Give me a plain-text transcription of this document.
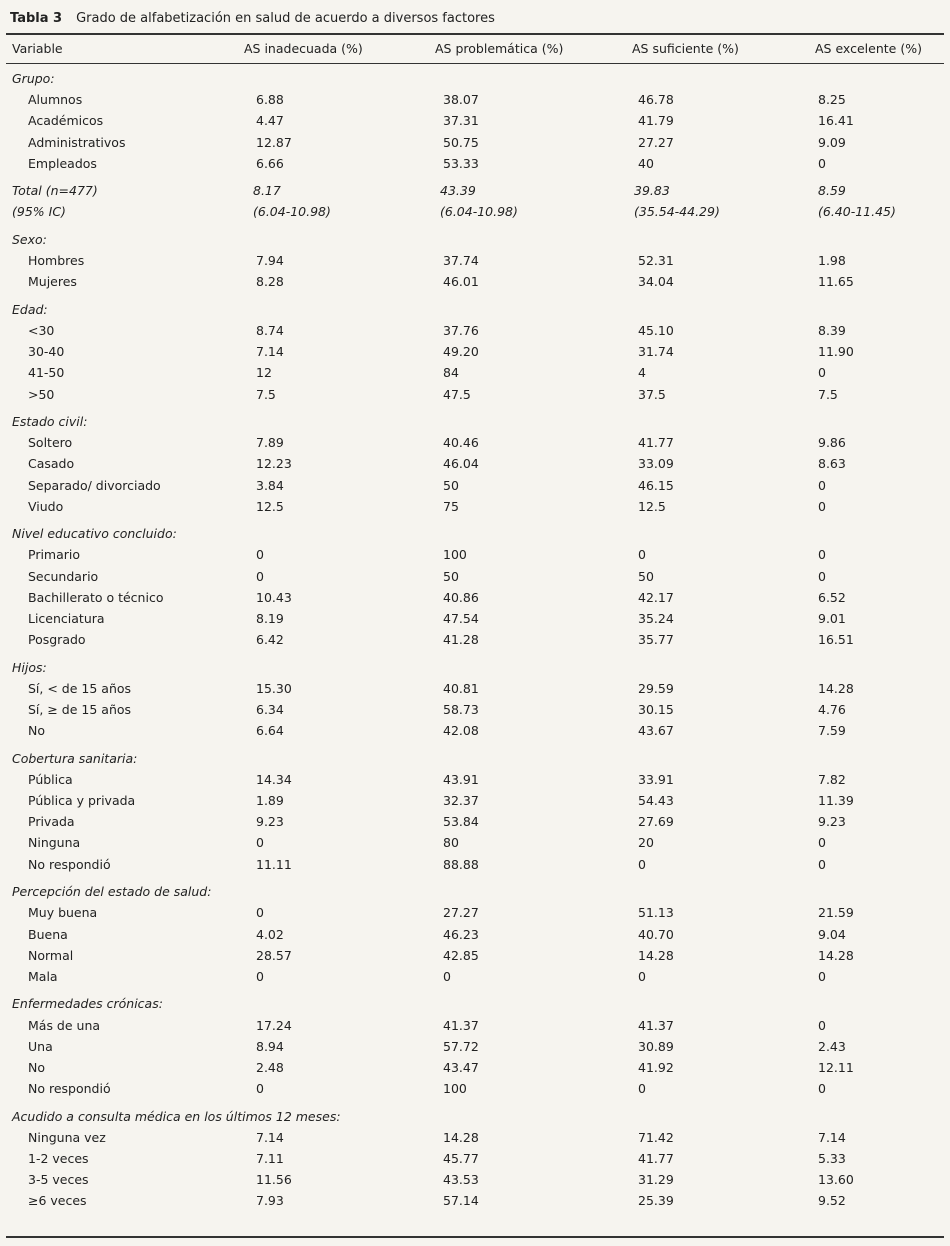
Tabla 3 Grado de alfabetización en salud de acuerdo a diversos factores
Variable	AS inadecuada (%)	AS problemática (%)	AS suficiente (%)	AS excelente (%)
Grupo:
Alumnos	6.88	38.07	46.78	8.25
Académicos	4.47	37.31	41.79	16.41
Administrativos	12.87	50.75	27.27	9.09
Empleados	6.66	53.33	40	0
Total (n=477)	8.17	43.39	39.83	8.59
(95% IC)	(6.04-10.98)	(6.04-10.98)	(35.54-44.29)	(6.40-11.45)
Sexo:
Hombres	7.94	37.74	52.31	1.98
Mujeres	8.28	46.01	34.04	11.65
Edad:
<30	8.74	37.76	45.10	8.39
30-40	7.14	49.20	31.74	11.90
41-50	12	84	4	0
>50	7.5	47.5	37.5	7.5
Estado civil:
Soltero	7.89	40.46	41.77	9.86
Casado	12.23	46.04	33.09	8.63
Separado/ divorciado	3.84	50	46.15	0
Viudo	12.5	75	12.5	0
Nivel educativo concluido:
Primario	0	100	0	0
Secundario	0	50	50	0
Bachillerato o técnico	10.43	40.86	42.17	6.52
Licenciatura	8.19	47.54	35.24	9.01
Posgrado	6.42	41.28	35.77	16.51
Hijos:
Sí, < de 15 años	15.30	40.81	29.59	14.28
Sí, ≥ de 15 años	6.34	58.73	30.15	4.76
No	6.64	42.08	43.67	7.59
Cobertura sanitaria:
Pública	14.34	43.91	33.91	7.82
Pública y privada	1.89	32.37	54.43	11.39
Privada	9.23	53.84	27.69	9.23
Ninguna	0	80	20	0
No respondió	11.11	88.88	0	0
Percepción del estado de salud:
Muy buena	0	27.27	51.13	21.59
Buena	4.02	46.23	40.70	9.04
Normal	28.57	42.85	14.28	14.28
Mala	0	0	0	0
Enfermedades crónicas:
Más de una	17.24	41.37	41.37	0
Una	8.94	57.72	30.89	2.43
No	2.48	43.47	41.92	12.11
No respondió	0	100	0	0
Acudido a consulta médica en los últimos 12 meses:
Ninguna vez	7.14	14.28	71.42	7.14
1-2 veces	7.11	45.77	41.77	5.33
3-5 veces	11.56	43.53	31.29	13.60
≥6 veces	7.93	57.14	25.39	9.52
